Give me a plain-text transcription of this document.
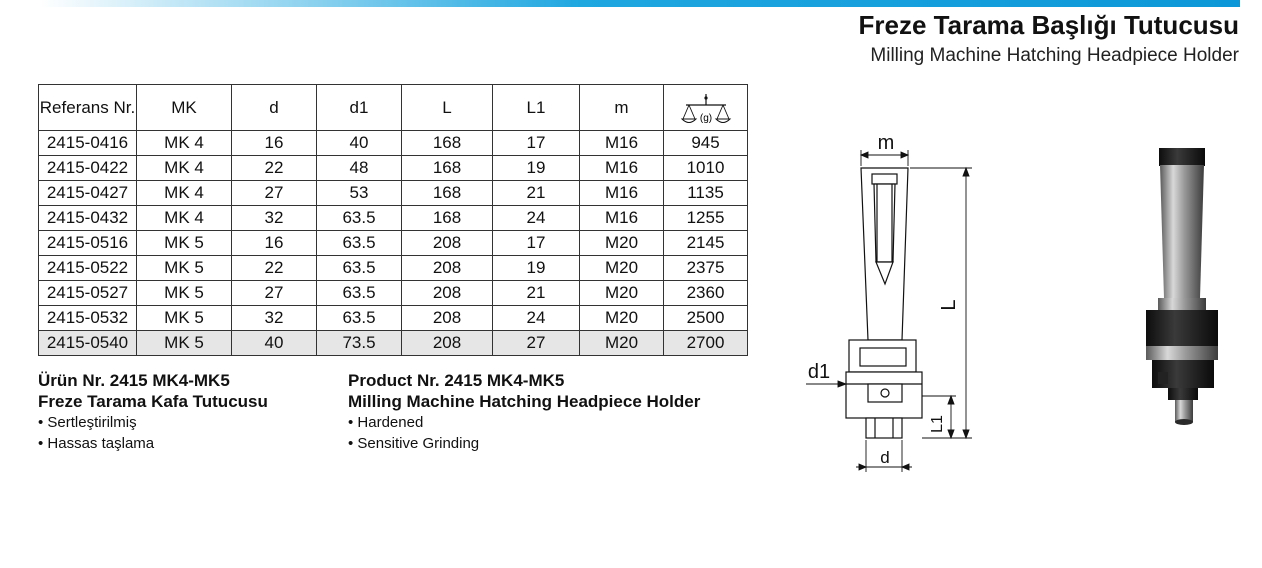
Freze Tarama Başlığı Tutucusu
Milling Machine Hatching Headpiece Holder
Referans Nr.	MK	d	d1	L	L1	m	(g)

2415-0416	MK 4	16	40	168	17	M16	945
2415-0422	MK 4	22	48	168	19	M16	1010
2415-0427	MK 4	27	53	168	21	M16	1135
2415-0432	MK 4	32	63.5	168	24	M16	1255
2415-0516	MK 5	16	63.5	208	17	M20	2145
2415-0522	MK 5	22	63.5	208	19	M20	2375
2415-0527	MK 5	27	63.5	208	21	M20	2360
2415-0532	MK 5	32	63.5	208	24	M20	2500
2415-0540	MK 5	40	73.5	208	27	M20	2700
Ürün Nr. 2415 MK4-MK5
Freze Tarama Kafa Tutucusu
• Sertleştirilmiş
• Hassas taşlama
Product Nr. 2415 MK4-MK5
Milling Machine Hatching Headpiece Holder
• Hardened
• Sensitive Grinding
m
L
d1
L1
d
